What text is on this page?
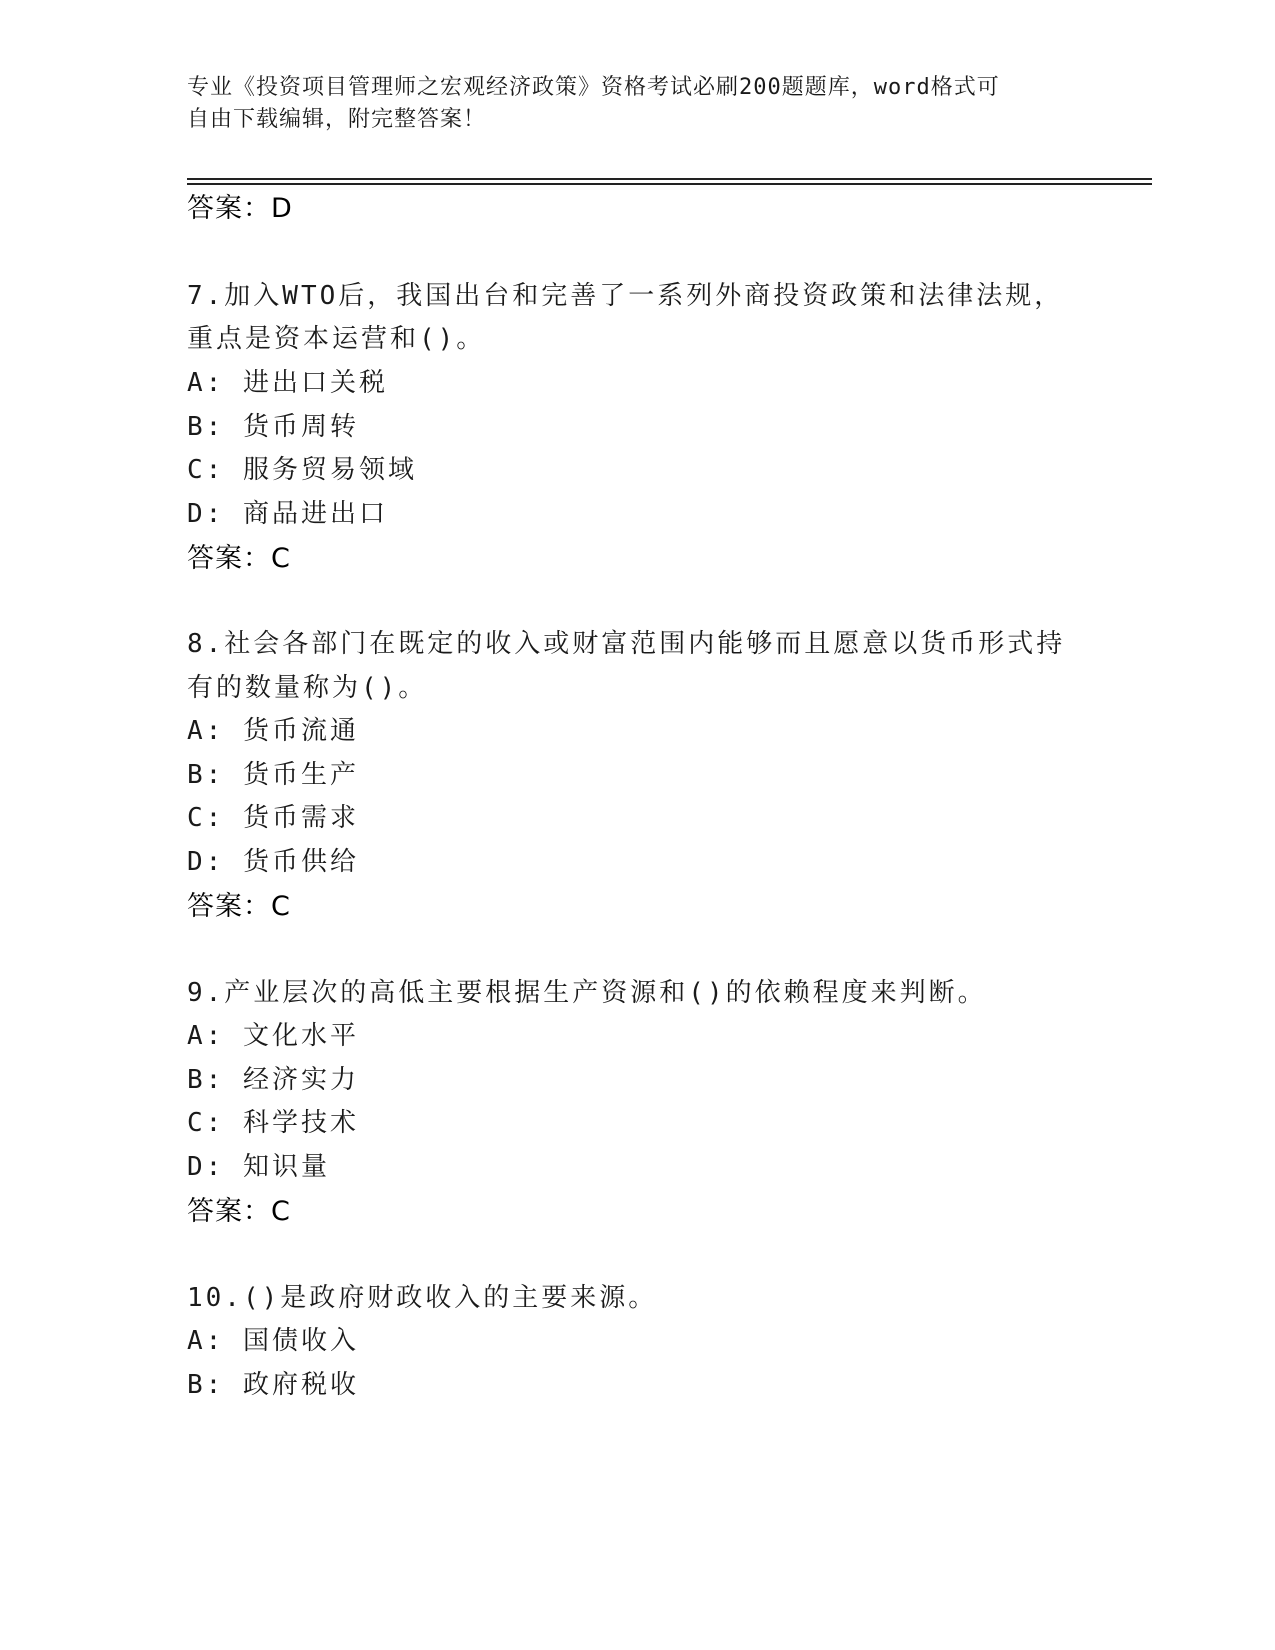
专业《投资项目管理师之宏观经济政策》资格考试必刷200题题库，word格式可
自由下载编辑，附完整答案！
答案：D
7.加入WTO后，我国出台和完善了一系列外商投资政策和法律法规，
重点是资本运营和()。
A: 进出口关税
B: 货币周转
C: 服务贸易领域
D: 商品进出口
答案：C
8.社会各部门在既定的收入或财富范围内能够而且愿意以货币形式持
有的数量称为()。
A: 货币流通
B: 货币生产
C: 货币需求
D: 货币供给
答案：C
9.产业层次的高低主要根据生产资源和()的依赖程度来判断。
A: 文化水平
B: 经济实力
C: 科学技术
D: 知识量
答案：C
10.()是政府财政收入的主要来源。
A: 国债收入
B: 政府税收
